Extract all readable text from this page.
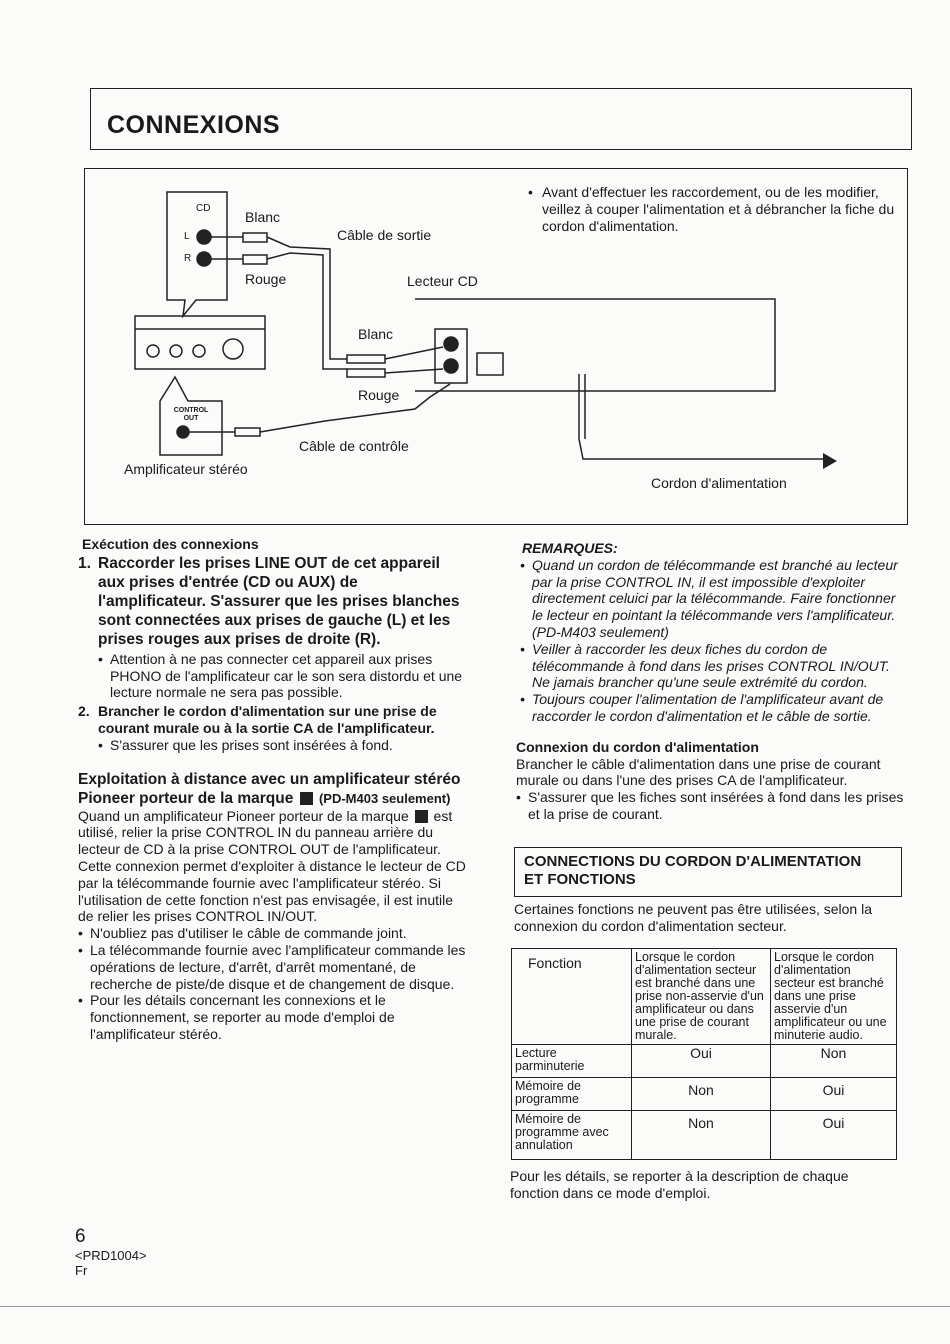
CONNEXIONS
CD
L
R
Blanc
Rouge
Câble de sortie
Lecteur CD
Blanc
Rouge
CONTROL OUT
Câble de contrôle
Amplificateur stéréo
Cordon d'alimentation
• Avant d'effectuer les raccordement, ou de les modifier, veillez à couper l'alimentation et à débrancher la fiche du cordon d'alimentation.
Exécution des connexions
1. Raccorder les prises LINE OUT de cet appareil aux prises d'entrée (CD ou AUX) de l'amplificateur. S'assurer que les prises blanches sont connectées aux prises de gauche (L) et les prises rouges aux prises de droite (R).
• Attention à ne pas connecter cet appareil aux prises PHONO de l'amplificateur car le son sera distordu et une lecture normale ne sera pas possible.
2. Brancher le cordon d'alimentation sur une prise de courant murale ou à la sortie CA de l'amplificateur.
• S'assurer que les prises sont insérées à fond.
Exploitation à distance avec un amplificateur stéréo
Pioneer porteur de la marque (PD-M403 seulement)
Quand un amplificateur Pioneer porteur de la marque est utilisé, relier la prise CONTROL IN du panneau arrière du lecteur de CD à la prise CONTROL OUT de l'amplificateur. Cette connexion permet d'exploiter à distance le lecteur de CD par la télécommande fournie avec l'amplificateur stéréo. Si l'utilisation de cette fonction n'est pas envisagée, il est inutile de relier les prises CONTROL IN/OUT.
• N'oubliez pas d'utiliser le câble de commande joint.
• La télécommande fournie avec l'amplificateur commande les opérations de lecture, d'arrêt, d'arrêt momentané, de recherche de piste/de disque et de changement de disque.
• Pour les détails concernant les connexions et le fonctionnement, se reporter au mode d'emploi de l'amplificateur stéréo.
REMARQUES:
• Quand un cordon de télécommande est branché au lecteur par la prise CONTROL IN, il est impossible d'exploiter directement celuici par la télécommande. Faire fonctionner le lecteur en pointant la télécommande vers l'amplificateur. (PD-M403 seulement)
• Veiller à raccorder les deux fiches du cordon de télécommande à fond dans les prises CONTROL IN/OUT. Ne jamais brancher qu'une seule extrémité du cordon.
• Toujours couper l'alimentation de l'amplificateur avant de raccorder le cordon d'alimentation et le câble de sortie.
Connexion du cordon d'alimentation
Brancher le câble d'alimentation dans une prise de courant murale ou dans l'une des prises CA de l'amplificateur.
• S'assurer que les fiches sont insérées à fond dans les prises et la prise de courant.
CONNECTIONS DU CORDON D'ALIMENTATION
ET FONCTIONS
Certaines fonctions ne peuvent pas être utilisées, selon la connexion du cordon d'alimentation secteur.
Fonction	Lorsque le cordon d'alimentation secteur est branché dans une prise non-asservie d'un amplificateur ou dans une prise de courant murale.	Lorsque le cordon d'alimentation secteur est branché dans une prise asservie d'un amplificateur ou une minuterie audio.
Lecture parminuterie	Oui	Non
Mémoire de programme	Non	Oui
Mémoire de programme avec annulation	Non	Oui
Pour les détails, se reporter à la description de chaque fonction dans ce mode d'emploi.
6
<PRD1004>
Fr
